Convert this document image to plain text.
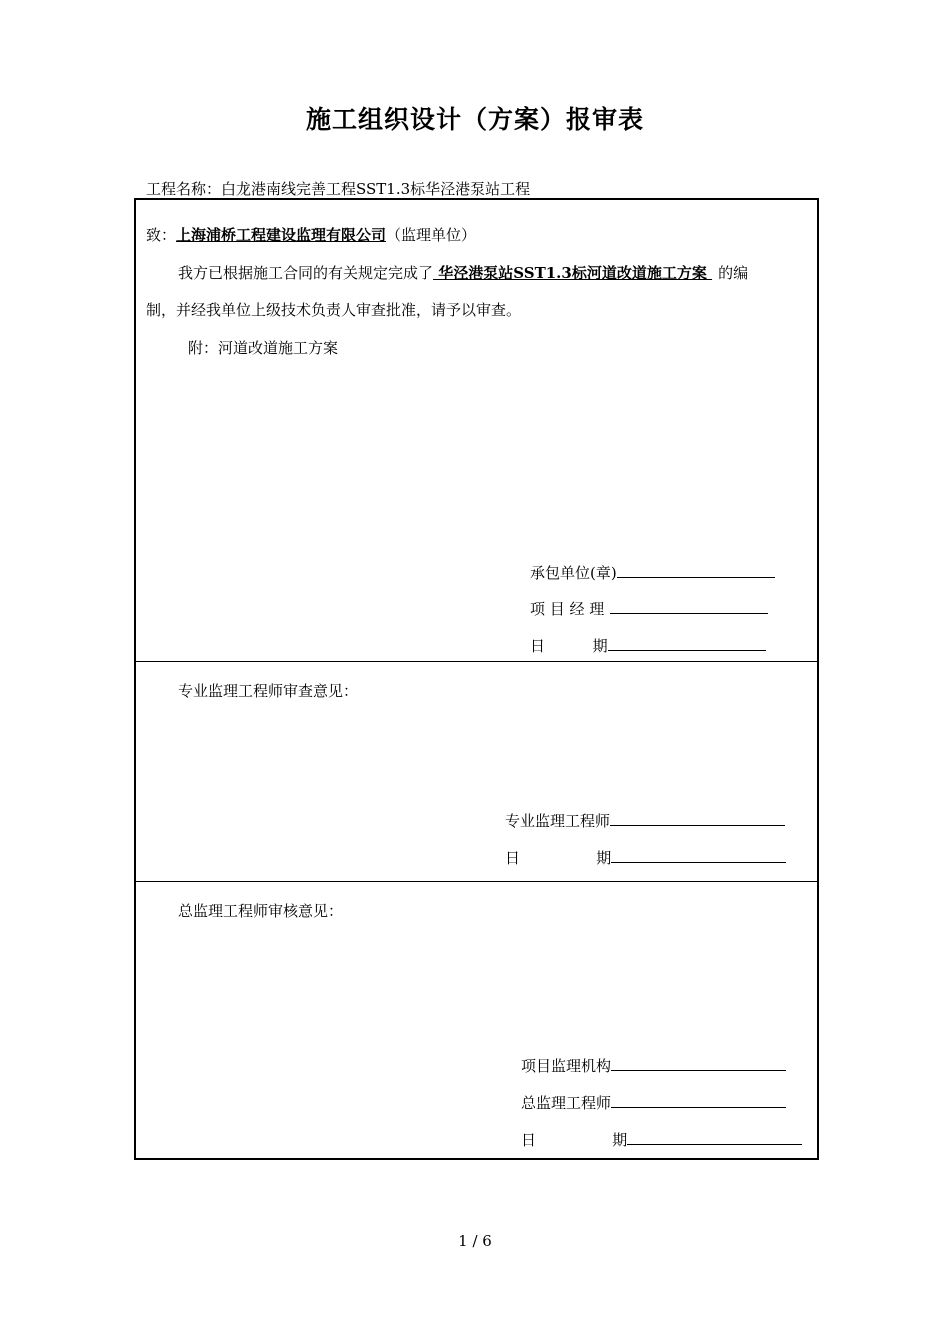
施工组织设计（方案）报审表
工程名称：白龙港南线完善工程SST1.3标华泾港泵站工程
致：上海浦桥工程建设监理有限公司（监理单位）
我方已根据施工合同的有关规定完成了 华泾港泵站SST1.3标河道改道施工方案 的编
制，并经我单位上级技术负责人审查批准，请予以审查。
附：河道改道施工方案
承包单位(章)
项 目 经 理
日          期
专业监理工程师审查意见：
专业监理工程师
日                期
总监理工程师审核意见：
项目监理机构
总监理工程师
日                期
1 / 6
